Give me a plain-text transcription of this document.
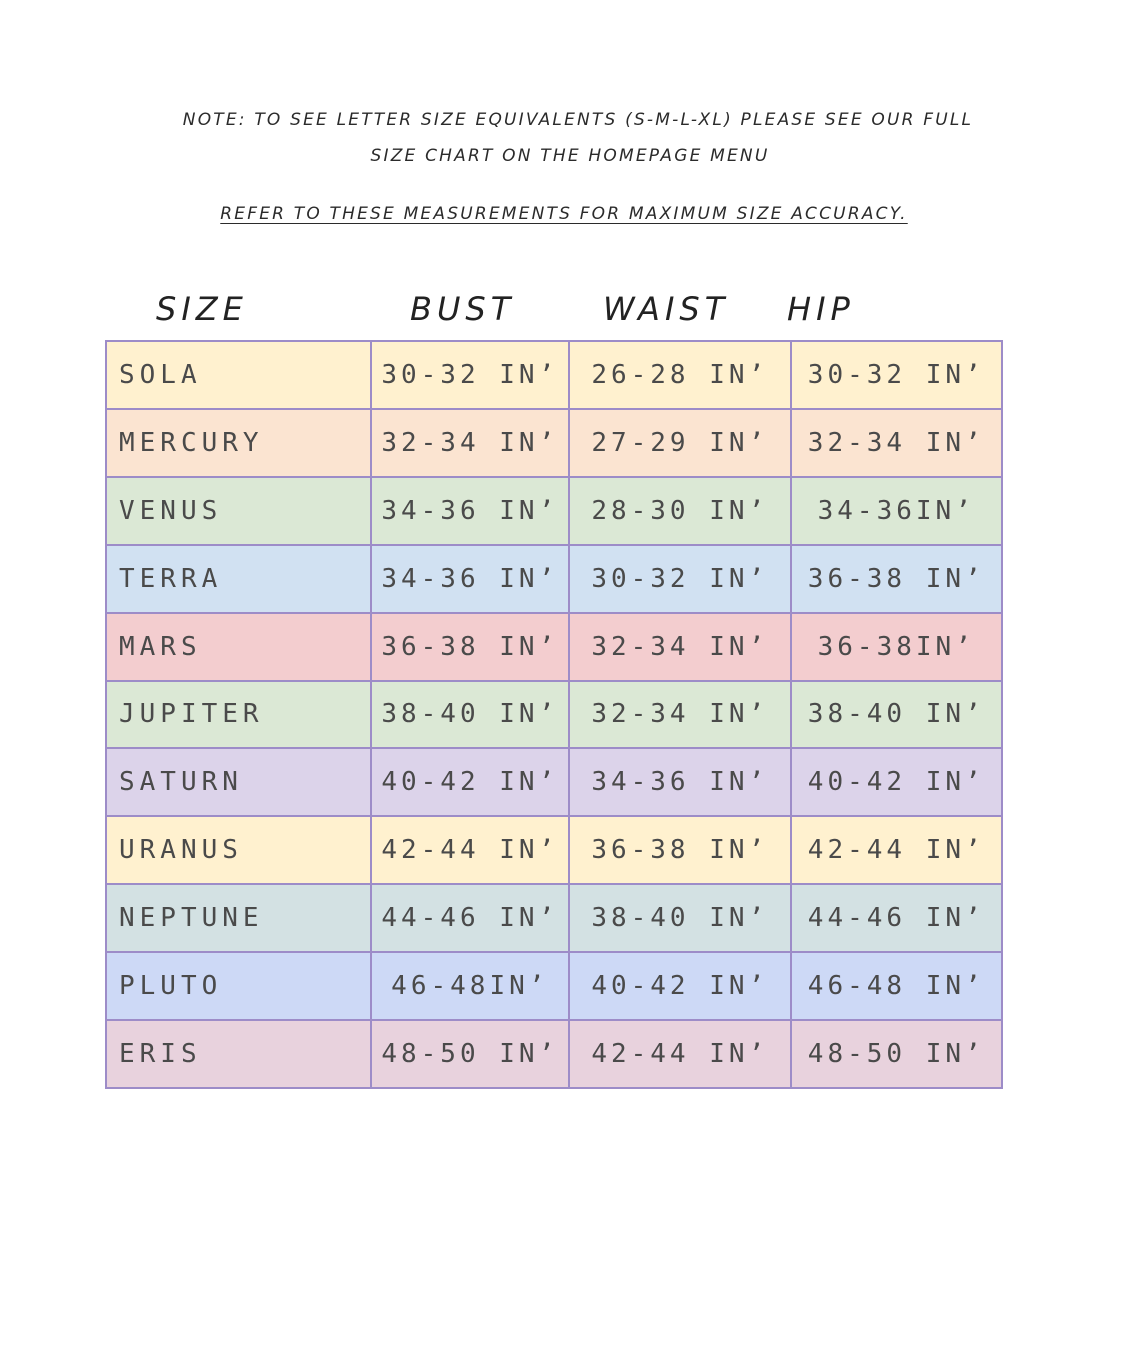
NOTE: TO SEE LETTER SIZE EQUIVALENTS (S-M-L-XL) PLEASE SEE OUR FULL
SIZE CHART ON THE HOMEPAGE MENU
REFER TO THESE MEASUREMENTS FOR MAXIMUM SIZE ACCURACY.
SIZE	BUST	WAIST HIP
SOLA	30-32 INʼ	26-28 INʼ	30-32 INʼ
MERCURY	32-34 INʼ	27-29 INʼ	32-34 INʼ
VENUS	34-36 INʼ	28-30 INʼ	34-36INʼ
TERRA	34-36 INʼ	30-32 INʼ	36-38 INʼ
MARS	36-38 INʼ	32-34 INʼ	36-38INʼ
JUPITER	38-40 INʼ	32-34 INʼ	38-40 INʼ
SATURN	40-42 INʼ	34-36 INʼ	40-42 INʼ
URANUS	42-44 INʼ	36-38 INʼ	42-44 INʼ
NEPTUNE	44-46 INʼ	38-40 INʼ	44-46 INʼ
PLUTO	46-48INʼ	40-42 INʼ	46-48 INʼ
ERIS	48-50 INʼ	42-44 INʼ	48-50 INʼ
